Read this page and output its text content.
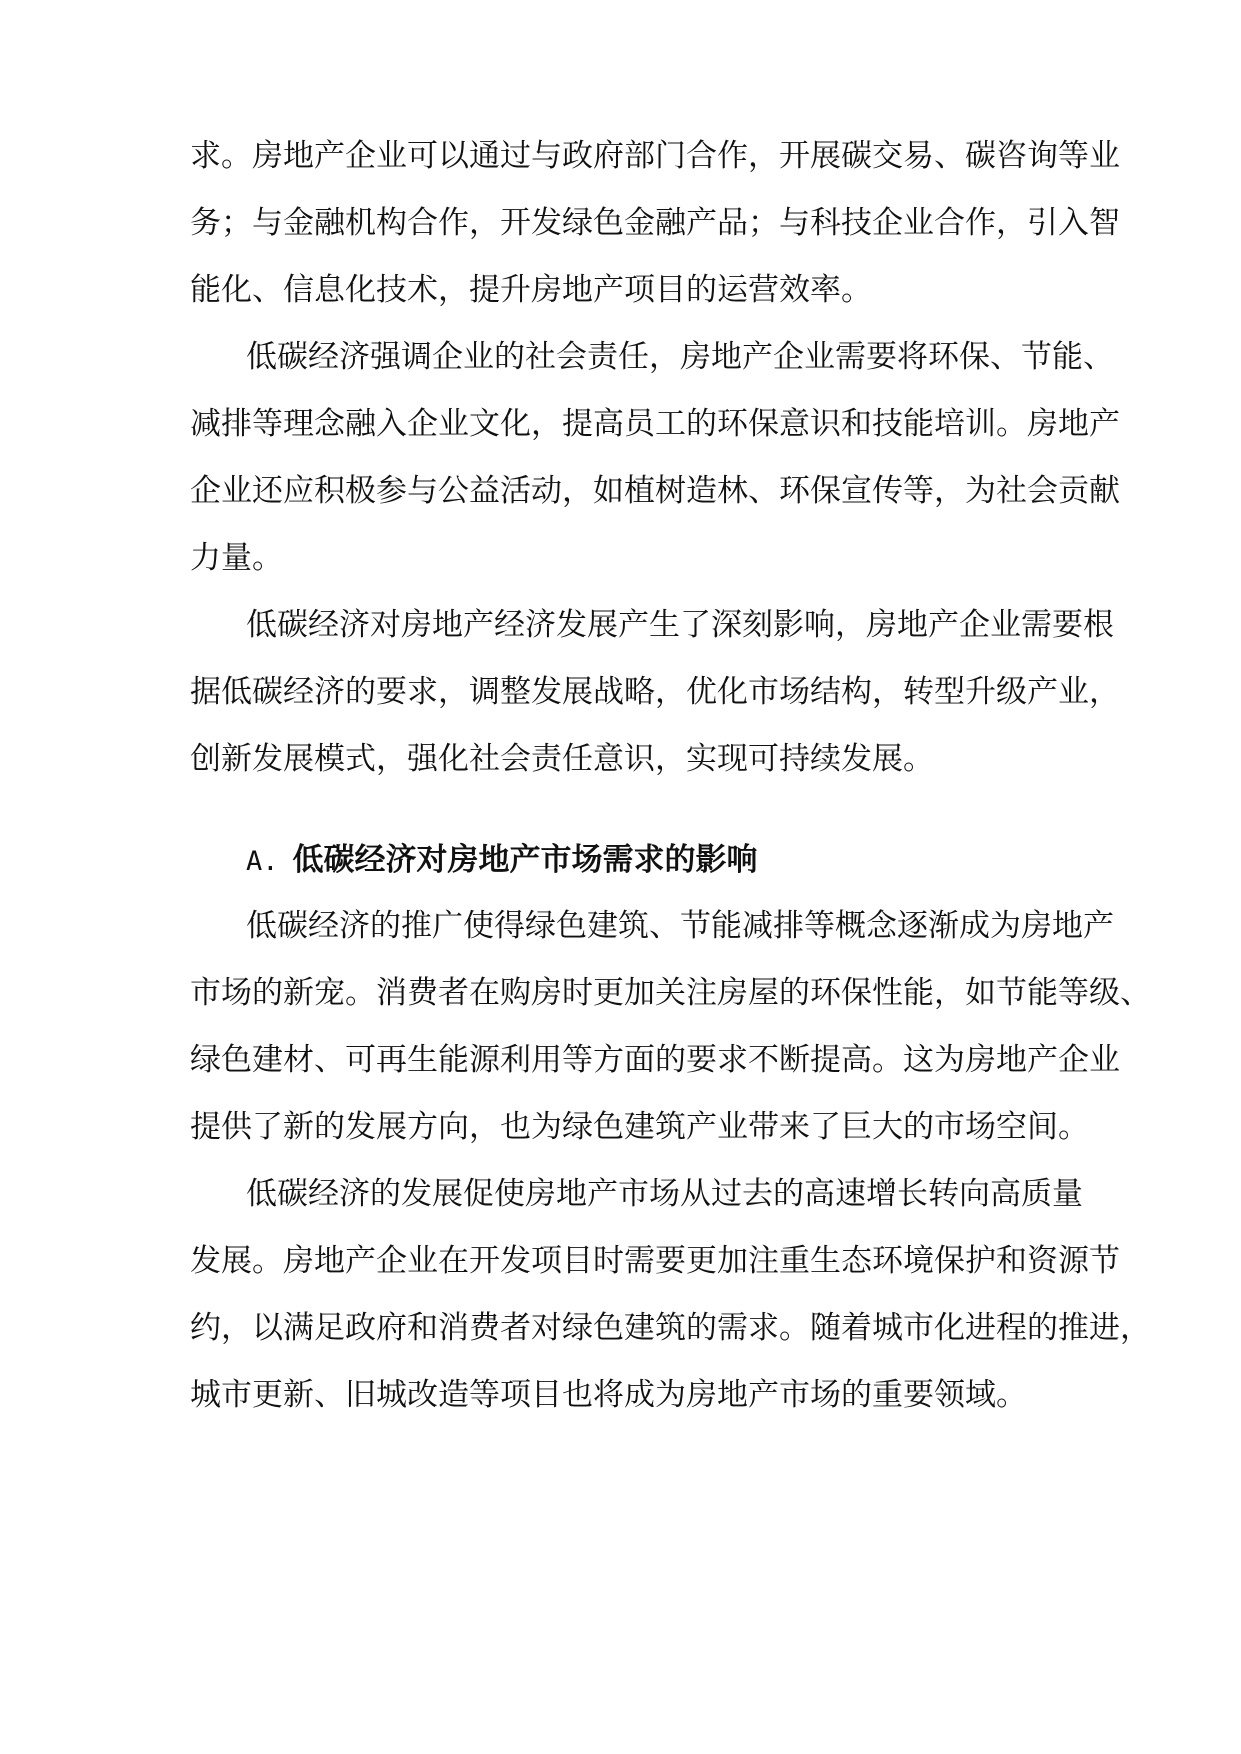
求。房地产企业可以通过与政府部门合作，开展碳交易、碳咨询等业
务；与金融机构合作，开发绿色金融产品；与科技企业合作，引入智
能化、信息化技术，提升房地产项目的运营效率。
低碳经济强调企业的社会责任，房地产企业需要将环保、节能、
减排等理念融入企业文化，提高员工的环保意识和技能培训。房地产
企业还应积极参与公益活动，如植树造林、环保宣传等，为社会贡献
力量。
低碳经济对房地产经济发展产生了深刻影响，房地产企业需要根
据低碳经济的要求，调整发展战略，优化市场结构，转型升级产业，
创新发展模式，强化社会责任意识，实现可持续发展。
A. 低碳经济对房地产市场需求的影响
低碳经济的推广使得绿色建筑、节能减排等概念逐渐成为房地产
市场的新宠。消费者在购房时更加关注房屋的环保性能，如节能等级、
绿色建材、可再生能源利用等方面的要求不断提高。这为房地产企业
提供了新的发展方向，也为绿色建筑产业带来了巨大的市场空间。
低碳经济的发展促使房地产市场从过去的高速增长转向高质量
发展。房地产企业在开发项目时需要更加注重生态环境保护和资源节
约，以满足政府和消费者对绿色建筑的需求。随着城市化进程的推进，
城市更新、旧城改造等项目也将成为房地产市场的重要领域。
